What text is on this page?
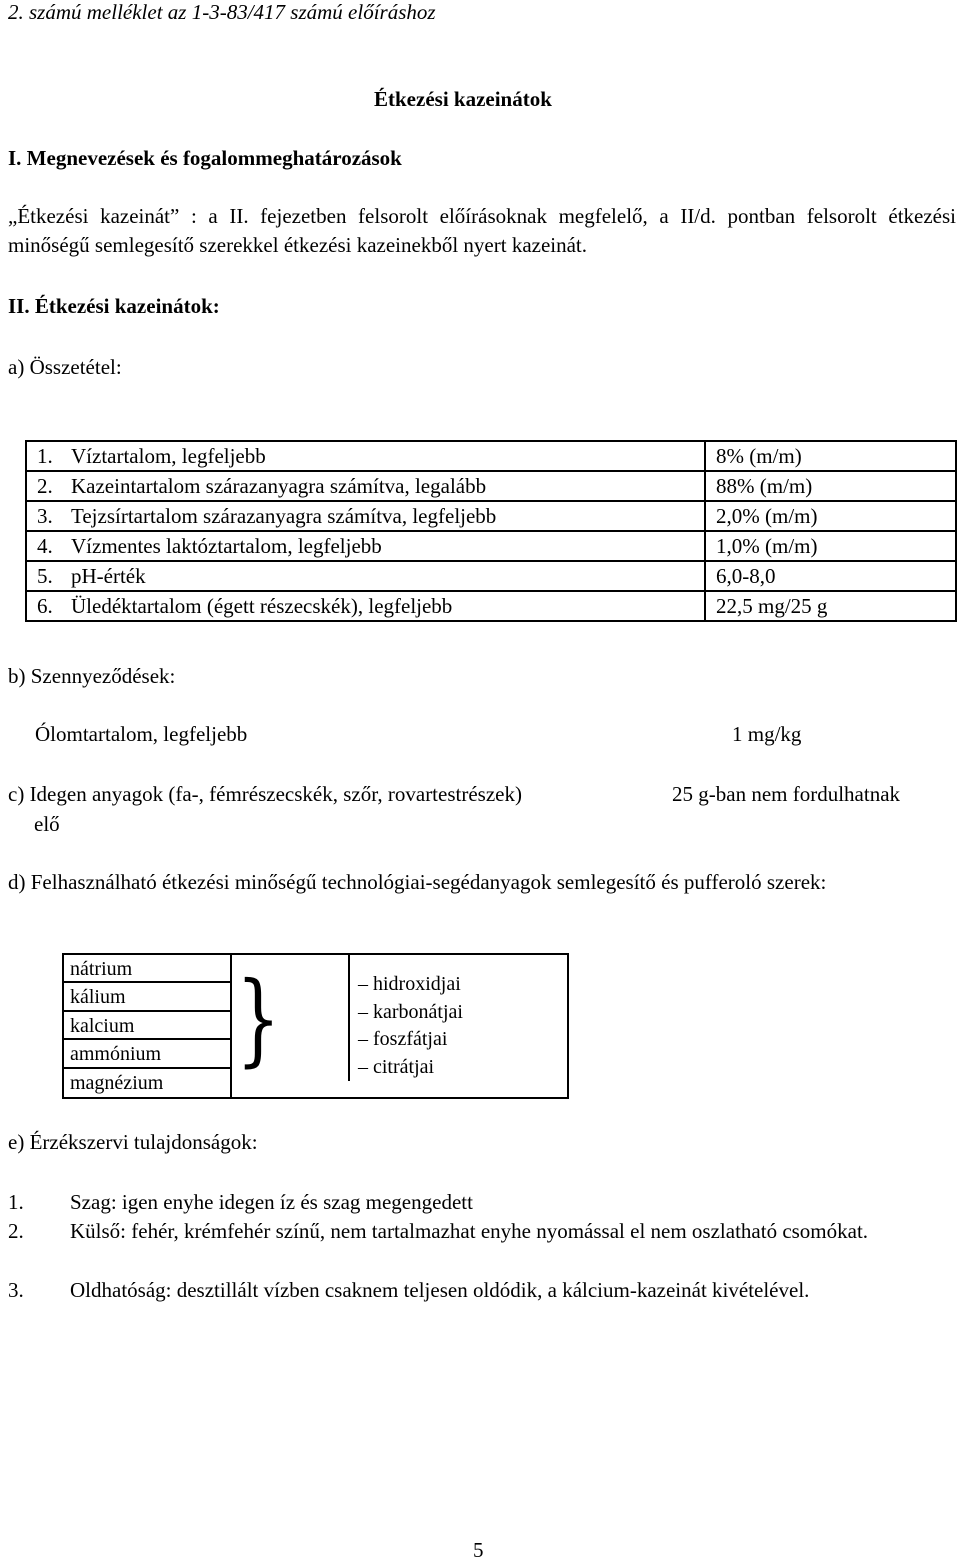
2. számú melléklet az 1-3-83/417 számú előíráshoz
Étkezési kazeinátok
I. Megnevezések és fogalommeghatározások
„Étkezési kazeinát” : a II. fejezetben felsorolt előírásoknak megfelelő, a II/d. pontban felsorolt étkezési minőségű semlegesítő szerekkel étkezési kazeinekből nyert kazeinát.
II. Étkezési kazeinátok:
a) Összetétel:
1.	Víztartalom, legfeljebb	8% (m/m)
2.	Kazeintartalom szárazanyagra számítva, legalább	88% (m/m)
3.	Tejzsírtartalom szárazanyagra számítva, legfeljebb	2,0% (m/m)
4.	Vízmentes laktóztartalom, legfeljebb	1,0% (m/m)
5.	pH-érték	6,0-8,0
6.	Üledéktartalom (égett részecskék), legfeljebb	22,5 mg/25 g
b) Szennyeződések:
Ólomtartalom, legfeljebb	1 mg/kg
c) Idegen anyagok (fa-, fémrészecskék, szőr, rovartestrészek)	25 g-ban nem fordulhatnak
elő
d) Felhasználható étkezési minőségű technológiai-segédanyagok semlegesítő és pufferoló szerek:
nátrium
kálium
kalcium
ammónium
magnézium
}	– hidroxidjai
– karbonátjai
– foszfátjai
– citrátjai
e) Érzékszervi tulajdonságok:
1.	Szag: igen enyhe idegen íz és szag megengedett
2.	Külső: fehér, krémfehér színű, nem tartalmazhat enyhe nyomással el nem oszlatható csomókat.
3.	Oldhatóság: desztillált vízben csaknem teljesen oldódik, a kálcium-kazeinát kivételével.
5
